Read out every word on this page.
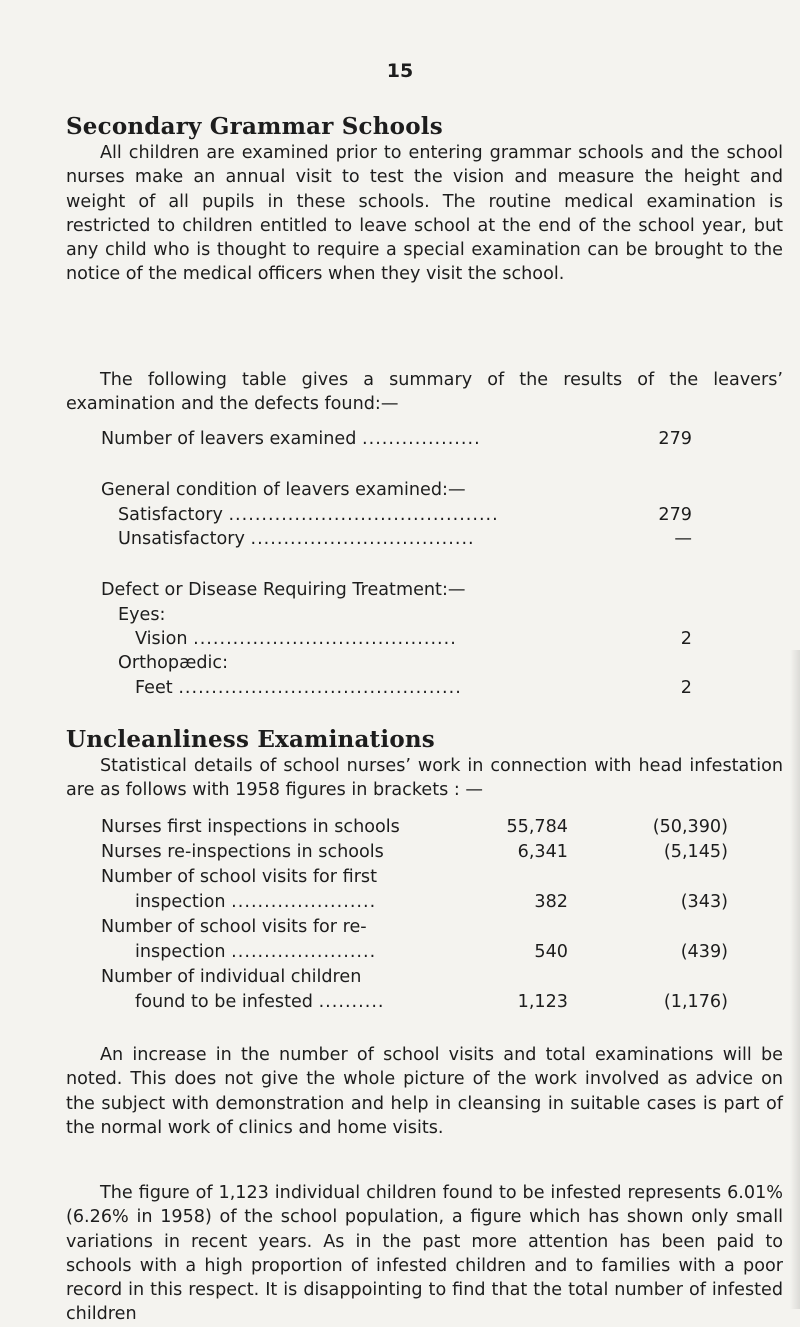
15
Secondary Grammar Schools

All children are examined prior to entering grammar schools and the school nurses make an annual visit to test the vision and measure the height and weight of all pupils in these schools. The routine medical examination is restricted to children entitled to leave school at the end of the school year, but any child who is thought to require a special examination can be brought to the notice of the medical officers when they visit the school.

The following table gives a summary of the results of the leavers’ examination and the defects found:—

Number of leavers examined ..................	279
General condition of leavers examined:—
Satisfactory .........................................	279
Unsatisfactory ..................................	—
Defect or Disease Requiring Treatment:—
Eyes:
Vision ........................................	2
Orthopædic:
Feet ...........................................	2
Uncleanliness Examinations

Statistical details of school nurses’ work in connection with head infestation are as follows with 1958 figures in brackets : —

Nurses first inspections in schools	55,784	(50,390)
Nurses re-inspections in schools	6,341	(5,145)
Number of school visits for first
inspection ......................	382	(343)
Number of school visits for re-
inspection ......................	540	(439)
Number of individual children
found to be infested ..........	1,123	(1,176)

An increase in the number of school visits and total examinations will be noted. This does not give the whole picture of the work involved as advice on the subject with demonstration and help in cleansing in suitable cases is part of the normal work of clinics and home visits.

The figure of 1,123 individual children found to be infested represents 6.01% (6.26% in 1958) of the school population, a figure which has shown only small variations in recent years. As in the past more attention has been paid to schools with a high proportion of infested children and to families with a poor record in this respect. It is disappointing to find that the total number of infested children
